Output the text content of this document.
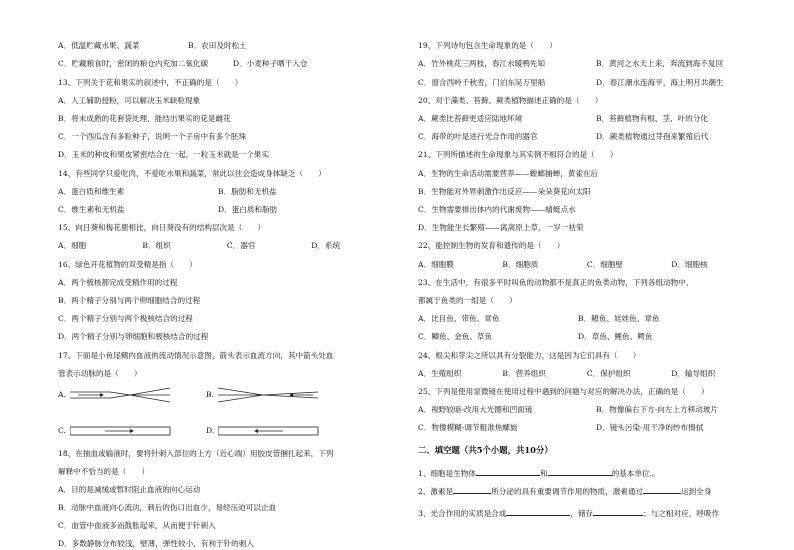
A．低温贮藏水果、蔬菜	B．农田及时松土
C．贮藏粮食时，密闭的粮仓内充加二氧化碳	D．小麦种子晒干入仓
13、下列关于花和果实的叙述中，不正确的是（　　）
A．人工辅助授粉，可以解决玉米缺粒现象
B．将未成熟的花套袋处理，能结出果实的花是雌花
C．一个西瓜含有多粒种子，说明一个子房中有多个胚珠
D．玉米的种皮和果皮紧密结合在一起，一粒玉米就是一个果实
14、有些同学只爱吃肉，不爱吃水果和蔬菜，常此以往会造成身体缺乏（　　）
A．蛋白质和维生素	B．脂肪和无机盐
C．维生素和无机盐	D．蛋白质和脂肪
15、向日葵和梅花鹿相比，向日葵没有的结构层次是（　　）
A．细胞	B．组织	C．器官	D．系统
16、绿色开花植物的双受精是指（　　）
A．两个极核都完成受精作用的过程
B．两个精子分别与两个卵细胞结合的过程
C．两个精子分别与两个极核结合的过程
D．两个精子分别与卵细胞和极核结合的过程
17、下面是小鱼尾鳍内血液的流动情况示意图，箭头表示血流方向，其中箭头处血
管表示动脉的是（　　）
A.	B.
C.	D.
18、在抽血或输液时，要将针刺入部位的上方（近心端）用胶皮管捆扎起来，下列
解释中不恰当的是（　　）
A．目的是减缓或暂时阻止血液的向心运动
B．动脉中血液向心流动，刺后的伤口出血少，易经压迫可以止血
C．血管中血液多而鼓胀起来，从而便于针刺入
D．多数静脉分布较浅，壁薄，弹性较小，有利于针的刺入
19、下列诗句包含生命现象的是（　　）
A．竹外桃花三两枝，春江水暖鸭先知	B．黄河之水天上来，奔流到海不复回
C．窗含西岭千秋雪，门泊东吴万里船	D．春江潮水连海平，海上明月共潮生
20、对于藻类、苔藓、蕨类植物描述正确的是（　　）
A．蕨类比苔藓更适应陆地环境	B．苔藓植物有根、茎、叶的分化
C．海带的叶是进行光合作用的器官	D．蕨类植物通过芽孢来繁殖后代
21、下列所描述的生命现象与其实例不相符合的是（　　）
A．生物的生命活动需要营养——螳螂捕蝉，黄雀在后
B．生物能对外界刺激作出反应——朵朵葵花向太阳
C．生物需要排出体内的代谢废物——蜻蜓点水
D．生物能生长繁殖——离离原上草，一岁一枯荣
22、能控制生物的发育和遗传的是（　　）
A．细胞膜	B．细胞质	C．细胞壁	D．细胞核
23、在生活中，有很多平时叫鱼的动物都不是真正的鱼类动物，下列各组动物中，
都属于鱼类的一组是（　　）
A．比目鱼、带鱼、章鱼	B．鲳鱼、娃娃鱼、章鱼
C．鲫鱼、金鱼、草鱼	D．草鱼、鲤鱼、鳄鱼
24、根尖和芽尖之所以具有分裂能力，这是因为它们具有（　　）
A．生殖组织	B．营养组织	C．保护组织	D．输导组织
25、下列是使用显微镜在使用过程中遇到的问题与对应的解决办法，正确的是（　　）
A．视野较暗-改用大光圈和凹面镜	B．物像偏右下方-向左上方移动玻片
C．物像模糊-调节粗准焦螺旋	D．镜头污染-用干净的纱布擦拭
二、填空题（共5个小题，共10分）
1、细胞是生物体	和	的基本单位.。
2、激素是	所分泌的具有重要调节作用的物质，激素通过	运到全身
3、光合作用的实质是合成	，储存	；与之相对应，呼吸作
